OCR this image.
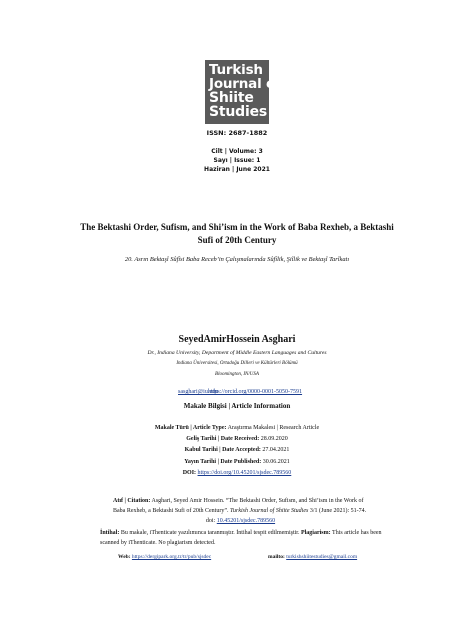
Turkish
Journal of
Shiite
Studies
ISSN: 2687-1882
Cilt | Volume: 3
Sayı | Issue: 1
Haziran | June 2021
The Bektashi Order, Sufism, and Shi’ism in the Work of Baba Rexheb, a Bektashi Sufi of 20th Century
20. Asrın Bektaşî Sûfîsi Baba Receb’in Çalışmalarında Sûfîlik, Şiîlik ve Bektaşî Tarîkatı
SeyedAmirHossein Asghari
Dr., Indiana University, Department of Middle Eastern Languages and Cultures
Indiana Üniversitesi, Ortadoğu Dilleri ve Kültürleri Bölümü
Bloomington, IN/USA
sasghari@iu.edu
https://orcid.org/0000-0001-5050-7591
Makale Bilgisi | Article Information
Makale Türü | Article Type: Araştırma Makalesi | Research Article
Geliş Tarihi | Date Received: 28.09.2020
Kabul Tarihi | Date Accepted: 27.04.2021
Yayın Tarihi | Date Published: 30.06.2021
DOI: https://doi.org/10.45201/sjsdec.789560
Atıf | Citation: Asghari, Seyed Amir Hossein. “The Bektashi Order, Sufism, and Shi’ism in the Work of Baba Rexheb, a Bektashi Sufi of 20th Century”. Turkish Journal of Shiite Studies 3/1 (June 2021): 51-74.
doi: 10.45201/sjsdec.789560
İntihal: Bu makale, iThenticate yazılımınca taranmıştır. İntihal tespit edilmemiştir. Plagiarism: This article has been scanned by iThenticate. No plagiarism detected.
Web: https://dergipark.org.tr/tr/pub/sjsdec	mailto: turkishshiitestudies@gmail.com
